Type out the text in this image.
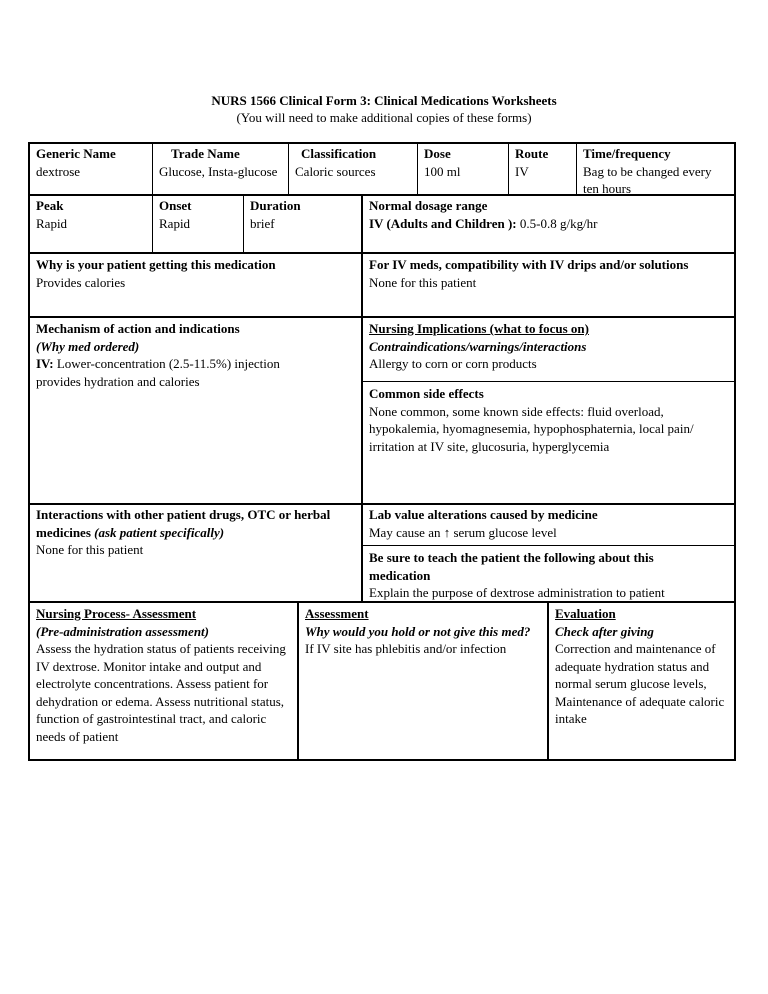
NURS 1566 Clinical Form 3: Clinical Medications Worksheets
(You will need to make additional copies of these forms)
Generic Name
dextrose
Trade Name
Glucose, Insta-glucose
Classification
Caloric sources
Dose
100 ml
Route
IV
Time/frequency
Bag to be changed every ten hours
Peak
Rapid
Onset
Rapid
Duration
brief
Normal dosage range
IV (Adults and Children ): 0.5-0.8 g/kg/hr
Why is your patient getting this medication
Provides calories
For IV meds, compatibility with IV drips and/or solutions
None for this patient
Mechanism of action and indications
(Why med ordered)
IV: Lower-concentration (2.5-11.5%) injection provides hydration and calories
Nursing Implications (what to focus on)
Contraindications/warnings/interactions
Allergy to corn or corn products
Common side effects
None common, some known side effects: fluid overload, hypokalemia, hyomagnesemia, hypophosphaternia, local pain/ irritation at IV site, glucosuria, hyperglycemia
Interactions with other patient drugs, OTC or herbal medicines (ask patient specifically)
None for this patient
Lab value alterations caused by medicine
May cause an ↑ serum glucose level
Be sure to teach the patient the following about this medication
Explain the purpose of dextrose administration to patient
Nursing Process- Assessment
(Pre-administration assessment)
Assess the hydration status of patients receiving IV dextrose. Monitor intake and output and electrolyte concentrations. Assess patient for dehydration or edema. Assess nutritional status, function of gastrointestinal tract, and caloric needs of patient
Assessment
Why would you hold or not give this med?
If IV site has phlebitis and/or infection
Evaluation
Check after giving
Correction and maintenance of adequate hydration status and normal serum glucose levels, Maintenance of adequate caloric intake
